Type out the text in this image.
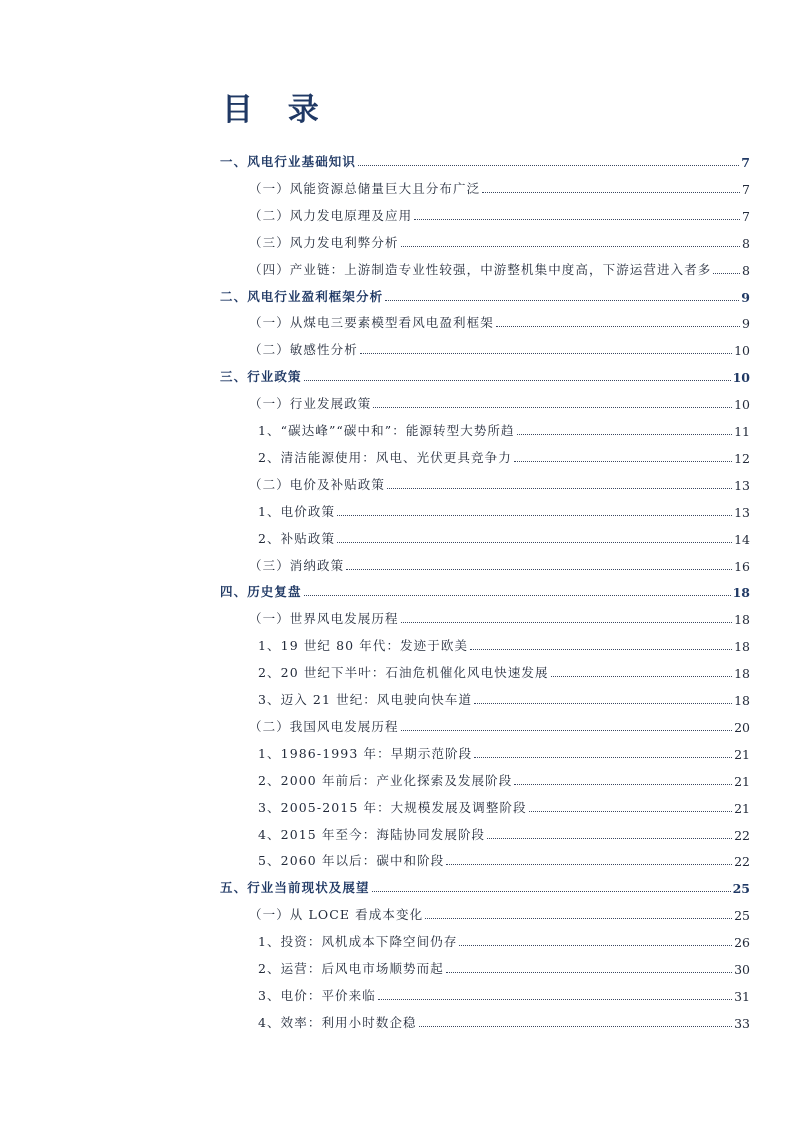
目 录
一、风电行业基础知识	7
（一）风能资源总储量巨大且分布广泛	7
（二）风力发电原理及应用	7
（三）风力发电利弊分析	8
（四）产业链：上游制造专业性较强，中游整机集中度高，下游运营进入者多 8
二、风电行业盈利框架分析	9
（一）从煤电三要素模型看风电盈利框架	9
（二）敏感性分析	10
三、行业政策	10
（一）行业发展政策	10
1、“碳达峰”“碳中和”：能源转型大势所趋	11
2、清洁能源使用：风电、光伏更具竞争力	12
（二）电价及补贴政策	13
1、电价政策	13
2、补贴政策	14
（三）消纳政策	16
四、历史复盘	18
（一）世界风电发展历程	18
1、19 世纪 80 年代：发迹于欧美	18
2、20 世纪下半叶：石油危机催化风电快速发展	18
3、迈入 21 世纪：风电驶向快车道	18
（二）我国风电发展历程	20
1、1986-1993 年：早期示范阶段	21
2、2000 年前后：产业化探索及发展阶段	21
3、2005-2015 年：大规模发展及调整阶段	21
4、2015 年至今：海陆协同发展阶段	22
5、2060 年以后：碳中和阶段	22
五、行业当前现状及展望	25
（一）从 LOCE 看成本变化	25
1、投资：风机成本下降空间仍存	26
2、运营：后风电市场顺势而起	30
3、电价：平价来临	31
4、效率：利用小时数企稳	33
